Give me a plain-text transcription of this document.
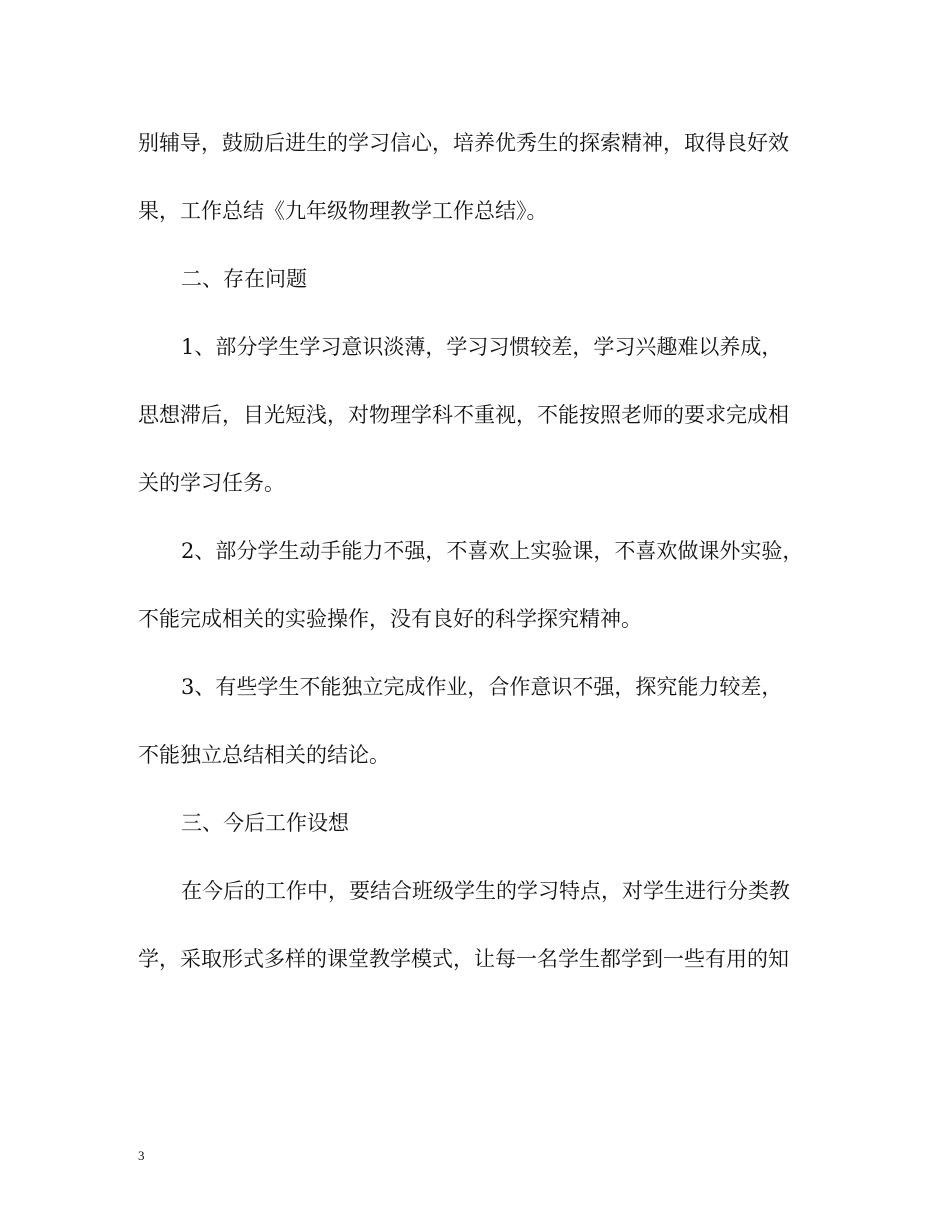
别辅导，鼓励后进生的学习信心，培养优秀生的探索精神，取得良好效
果，工作总结《九年级物理教学工作总结》。
二、存在问题
1、部分学生学习意识淡薄，学习习惯较差，学习兴趣难以养成，
思想滞后，目光短浅，对物理学科不重视，不能按照老师的要求完成相
关的学习任务。
2、部分学生动手能力不强，不喜欢上实验课，不喜欢做课外实验，
不能完成相关的实验操作，没有良好的科学探究精神。
3、有些学生不能独立完成作业，合作意识不强，探究能力较差，
不能独立总结相关的结论。
三、今后工作设想
在今后的工作中，要结合班级学生的学习特点，对学生进行分类教
学，采取形式多样的课堂教学模式，让每一名学生都学到一些有用的知
3
